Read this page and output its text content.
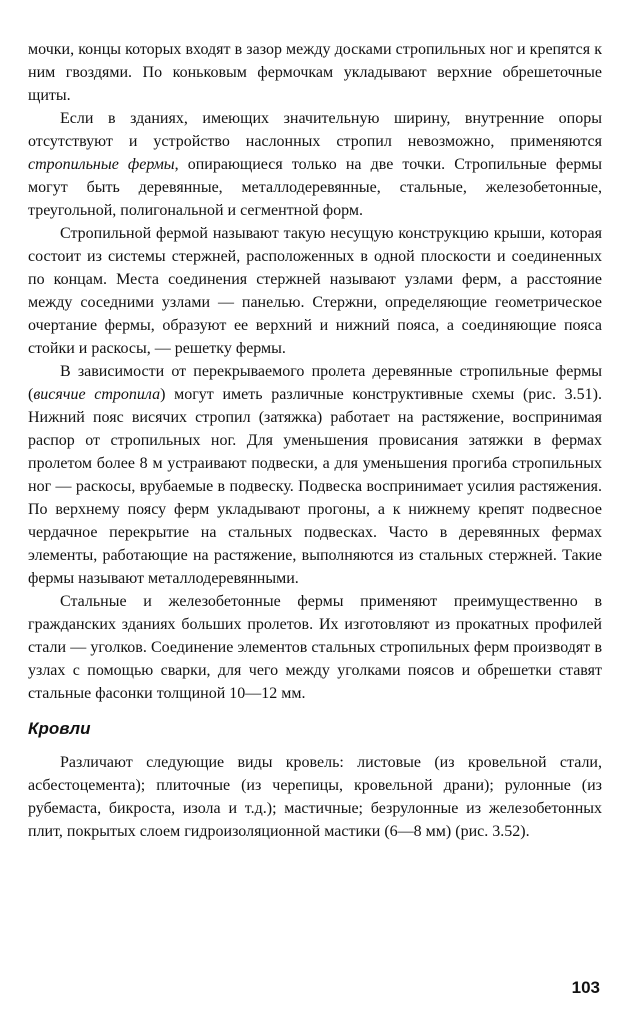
мочки, концы которых входят в зазор между досками стропильных ног и крепятся к ним гвоздями. По коньковым фермочкам укладывают верхние обрешеточные щиты.

Если в зданиях, имеющих значительную ширину, внутренние опоры отсутствуют и устройство наслонных стропил невозможно, применяются стропильные фермы, опирающиеся только на две точки. Стропильные фермы могут быть деревянные, металлодеревянные, стальные, железобетонные, треугольной, полигональной и сегментной форм.

Стропильной фермой называют такую несущую конструкцию крыши, которая состоит из системы стержней, расположенных в одной плоскости и соединенных по концам. Места соединения стержней называют узлами ферм, а расстояние между соседними узлами — панелью. Стержни, определяющие геометрическое очертание фермы, образуют ее верхний и нижний пояса, а соединяющие пояса стойки и раскосы, — решетку фермы.

В зависимости от перекрываемого пролета деревянные стропильные фермы (висячие стропила) могут иметь различные конструктивные схемы (рис. 3.51). Нижний пояс висячих стропил (затяжка) работает на растяжение, воспринимая распор от стропильных ног. Для уменьшения провисания затяжки в фермах пролетом более 8 м устраивают подвески, а для уменьшения прогиба стропильных ног — раскосы, врубаемые в подвеску. Подвеска воспринимает усилия растяжения. По верхнему поясу ферм укладывают прогоны, а к нижнему крепят подвесное чердачное перекрытие на стальных подвесках. Часто в деревянных фермах элементы, работающие на растяжение, выполняются из стальных стержней. Такие фермы называют металлодеревянными.

Стальные и железобетонные фермы применяют преимущественно в гражданских зданиях больших пролетов. Их изготовляют из прокатных профилей стали — уголков. Соединение элементов стальных стропильных ферм производят в узлах с помощью сварки, для чего между уголками поясов и обрешетки ставят стальные фасонки толщиной 10—12 мм.

Кровли

Различают следующие виды кровель: листовые (из кровельной стали, асбестоцемента); плиточные (из черепицы, кровельной драни); рулонные (из рубемаста, бикроста, изола и т.д.); мастичные; безрулонные из железобетонных плит, покрытых слоем гидроизоляционной мастики (6—8 мм) (рис. 3.52).

103
